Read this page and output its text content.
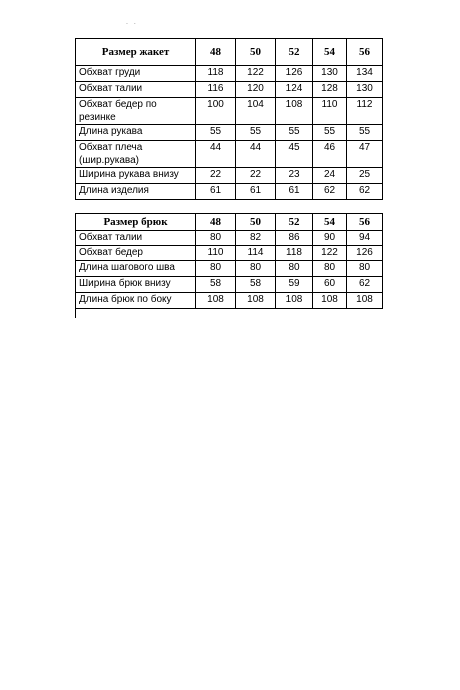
. .
Размер жакет	48	50	52	54	56
Обхват груди	118	122	126	130	134
Обхват талии	116	120	124	128	130
Обхват бедер по резинке	100	104	108	110	112
Длина рукава	55	55	55	55	55
Обхват плеча (шир.рукава)	44	44	45	46	47
Ширина рукава внизу	22	22	23	24	25
Длина изделия	61	61	61	62	62
Размер брюк	48	50	52	54	56
Обхват талии	80	82	86	90	94
Обхват бедер	110	114	118	122	126
Длина шагового шва	80	80	80	80	80
Ширина брюк внизу	58	58	59	60	62
Длина брюк по боку	108	108	108	108	108
